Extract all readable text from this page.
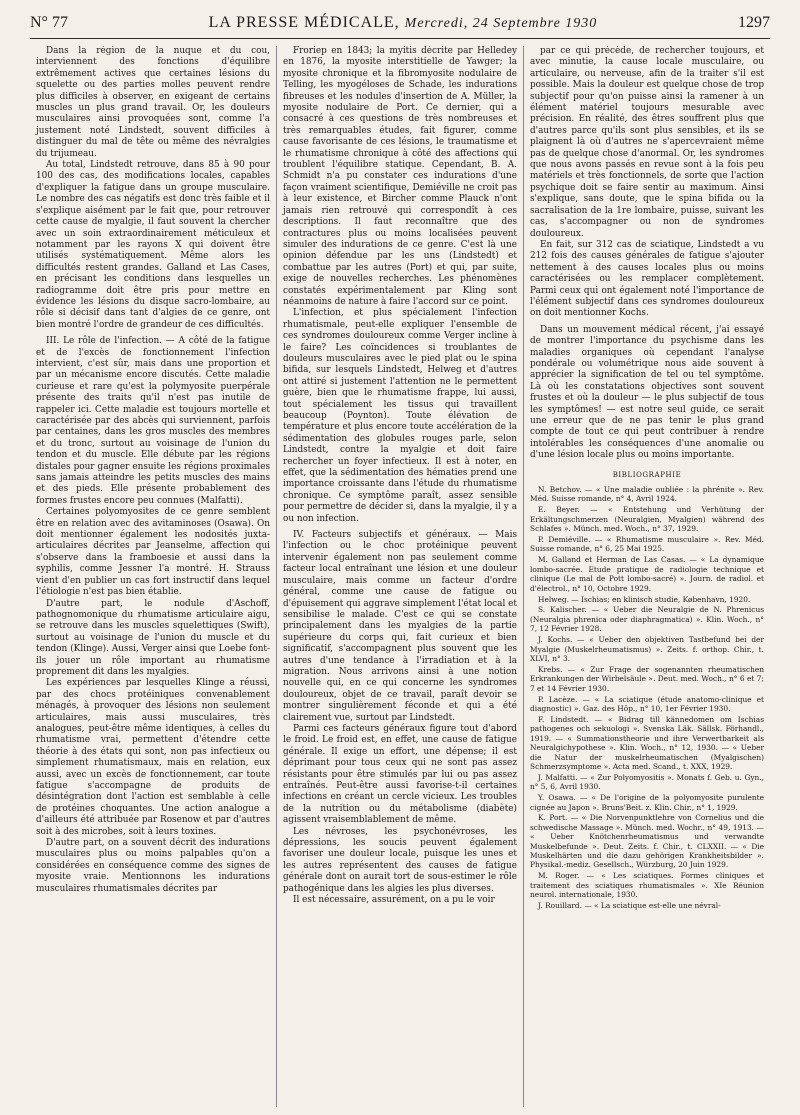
N° 77	LA PRESSE MÉDICALE, Mercredi, 24 Septembre 1930	1297

Dans la région de la nuque et du cou, interviennent des fonctions d'équilibre extrêmement actives que certaines lésions du squelette ou des parties molles peuvent rendre plus difficiles à observer, en exigeant de certains muscles un plus grand travail. Or, les douleurs musculaires ainsi provoquées sont, comme l'a justement noté Lindstedt, souvent difficiles à distinguer du mal de tête ou même des névralgies du trijumeau.

Au total, Lindstedt retrouve, dans 85 à 90 pour 100 des cas, des modifications locales, capables d'expliquer la fatigue dans un groupe musculaire. Le nombre des cas négatifs est donc très faible et il s'explique aisément par le fait que, pour retrouver cette cause de myalgie, il faut souvent la chercher avec un soin extraordinairement méticuleux et notamment par les rayons X qui doivent être utilisés systématiquement. Même alors les difficultés restent grandes. Galland et Las Cases, en précisant les conditions dans lesquelles un radiogramme doit être pris pour mettre en évidence les lésions du disque sacro-lombaire, au rôle si décisif dans tant d'algies de ce genre, ont bien montré l'ordre de grandeur de ces difficultés.

III. Le rôle de l'infection. — A côté de la fatigue et de l'excès de fonctionnement l'infection intervient, c'est sûr, mais dans une proportion et par un mécanisme encore discutés. Cette maladie curieuse et rare qu'est la polymyosite puerpérale présente des traits qu'il n'est pas inutile de rappeler ici. Cette maladie est toujours mortelle et caractérisée par des abcès qui surviennent, parfois par centaines, dans les gros muscles des membres et du tronc, surtout au voisinage de l'union du tendon et du muscle. Elle débute par les régions distales pour gagner ensuite les régions proximales sans jamais atteindre les petits muscles des mains et des pieds. Elle présente probablement des formes frustes encore peu connues (Malfatti).

Certaines polyomyosites de ce genre semblent être en relation avec des avitaminoses (Osawa). On doit mentionner également les nodosités juxta-articulaires décrites par Jeanselme, affection qui s'observe dans la framboesie et aussi dans la syphilis, comme Jessner l'a montré. H. Strauss vient d'en publier un cas fort instructif dans lequel l'étiologie n'est pas bien établie.

D'autre part, le nodule d'Aschoff, pathognomonique du rhumatisme articulaire aigu, se retrouve dans les muscles squelettiques (Swift), surtout au voisinage de l'union du muscle et du tendon (Klinge). Aussi, Verger ainsi que Loebe font-ils jouer un rôle important au rhumatisme proprement dit dans les myalgies.

Les expériences par lesquelles Klinge a réussi, par des chocs protéiniques convenablement ménagés, à provoquer des lésions non seulement articulaires, mais aussi musculaires, très analogues, peut-être même identiques, à celles du rhumatisme vrai, permettent d'étendre cette théorie à des états qui sont, non pas infectieux ou simplement rhumatismaux, mais en relation, eux aussi, avec un excès de fonctionnement, car toute fatigue s'accompagne de produits de désintégration dont l'action est semblable à celle de protéines choquantes. Une action analogue a d'ailleurs été attribuée par Rosenow et par d'autres soit à des microbes, soit à leurs toxines.

D'autre part, on a souvent décrit des indurations musculaires plus ou moins palpables qu'on a considérées en conséquence comme des signes de myosite vraie. Mentionnons les indurations musculaires rhumatismales décrites par

Froriep en 1843; la myitis décrite par Helledey en 1876, la myosite interstitielle de Yawger; la myosite chronique et la fibromyosite nodulaire de Telling, les myogéloses de Schade, les indurations fibreuses et les nodules d'insertion de A. Müller, la myosite nodulaire de Port. Ce dernier, qui a consacré à ces questions de très nombreuses et très remarquables études, fait figurer, comme cause favorisante de ces lésions, le traumatisme et le rhumatisme chronique à côté des affections qui troublent l'équilibre statique. Cependant, B. A. Schmidt n'a pu constater ces indurations d'une façon vraiment scientifique, Demiéville ne croit pas à leur existence, et Bircher comme Plauck n'ont jamais rien retrouvé qui correspondît à ces descriptions. Il faut reconnaître que des contractures plus ou moins localisées peuvent simuler des indurations de ce genre. C'est là une opinion défendue par les uns (Lindstedt) et combattue par les autres (Port) et qui, par suite, exige de nouvelles recherches. Les phénomènes constatés expérimentalement par Kling sont néanmoins de nature à faire l'accord sur ce point.

L'infection, et plus spécialement l'infection rhumatismale, peut-elle expliquer l'ensemble de ces syndromes douloureux comme Verger incline à le faire? Les coïncidences si troublantes de douleurs musculaires avec le pied plat ou le spina bifida, sur lesquels Lindstedt, Helweg et d'autres ont attiré si justement l'attention ne le permettent guère, bien que le rhumatisme frappe, lui aussi, tout spécialement les tissus qui travaillent beaucoup (Poynton). Toute élévation de température et plus encore toute accélération de la sédimentation des globules rouges parle, selon Lindstedt, contre la myalgie et doit faire rechercher un foyer infectieux. Il est à noter, en effet, que la sédimentation des hématies prend une importance croissante dans l'étude du rhumatisme chronique. Ce symptôme paraît, assez sensible pour permettre de décider si, dans la myalgie, il y a ou non infection.

IV. Facteurs subjectifs et généraux. — Mais l'infection ou le choc protéinique peuvent intervenir également non pas seulement comme facteur local entraînant une lésion et une douleur musculaire, mais comme un facteur d'ordre général, comme une cause de fatigue ou d'épuisement qui aggrave simplement l'état local et sensibilise le malade. C'est ce qui se constate principalement dans les myalgies de la partie supérieure du corps qui, fait curieux et bien significatif, s'accompagnent plus souvent que les autres d'une tendance à l'irradiation et à la migration. Nous arrivons ainsi à une notion nouvelle qui, en ce qui concerne les syndromes douloureux, objet de ce travail, paraît devoir se montrer singulièrement féconde et qui a été clairement vue, surtout par Lindstedt.

Parmi ces facteurs généraux figure tout d'abord le froid. Le froid est, en effet, une cause de fatigue générale. Il exige un effort, une dépense; il est déprimant pour tous ceux qui ne sont pas assez résistants pour être stimulés par lui ou pas assez entraînés. Peut-être aussi favorise-t-il certaines infections en créant un cercle vicieux. Les troubles de la nutrition ou du métabolisme (diabète) agissent vraisemblablement de même.

Les névroses, les psychonévroses, les dépressions, les soucis peuvent également favoriser une douleur locale, puisque les unes et les autres représentent des causes de fatigue générale dont on aurait tort de sous-estimer le rôle pathogénique dans les algies les plus diverses.

Il est nécessaire, assurément, on a pu le voir

par ce qui précède, de rechercher toujours, et avec minutie, la cause locale musculaire, ou articulaire, ou nerveuse, afin de la traiter s'il est possible. Mais la douleur est quelque chose de trop subjectif pour qu'on puisse ainsi la ramener à un élément matériel toujours mesurable avec précision. En réalité, des êtres souffrent plus que d'autres parce qu'ils sont plus sensibles, et ils se plaignent là où d'autres ne s'apercevraient même pas de quelque chose d'anormal. Or, les syndromes que nous avons passés en revue sont à la fois peu matériels et très fonctionnels, de sorte que l'action psychique doit se faire sentir au maximum. Ainsi s'explique, sans doute, que le spina bifida ou la sacralisation de la 1re lombaire, puisse, suivant les cas, s'accompagner ou non de syndromes douloureux.

En fait, sur 312 cas de sciatique, Lindstedt a vu 212 fois des causes générales de fatigue s'ajouter nettement à des causes locales plus ou moins caractérisées ou les remplacer complètement. Parmi ceux qui ont également noté l'importance de l'élément subjectif dans ces syndromes douloureux on doit mentionner Kochs.

Dans un mouvement médical récent, j'ai essayé de montrer l'importance du psychisme dans les maladies organiques où cependant l'analyse pondérale ou volumétrique nous aide souvent à apprécier la signification de tel ou tel symptôme. Là où les constatations objectives sont souvent frustes et où la douleur — le plus subjectif de tous les symptômes! — est notre seul guide, ce serait une erreur que de ne pas tenir le plus grand compte de tout ce qui peut contribuer à rendre intolérables les conséquences d'une anomalie ou d'une lésion locale plus ou moins importante.

BIBLIOGRAPHIE
N. Betchov. — « Une maladie oubliée : la phrénite ». Rev. Méd. Suisse romande, n° 4, Avril 1924.
E. Beyer. — « Entstehung und Verhütung der Erkältungschmerzen (Neuralgien, Myalgien) während des Schlafes ». Münch. med. Woch., n° 37, 1929.
P. Demiéville. — « Rhumatisme musculaire ». Rev. Méd. Suisse romande, n° 6, 25 Mai 1925.
M. Galland et Herman de Las Casas. — « La dynamique lombo-sacrée. Etude pratique de radiologie technique et clinique (Le mal de Pott lombo-sacré) ». Journ. de radiol. et d'électrol., n° 10, Octobre 1929.
Helweg. — Ischias; en klinisch studie, København, 1920.
S. Kalischer. — « Ueber die Neuralgie de N. Phrenicus (Neuralgia phrenica oder diaphragmatica) ». Klin. Woch., n° 7, 12 Février 1928.
J. Kochs. — « Ueber den objektiven Tastbefund bei der Myalgie (Muskelrheumatismus) ». Zeits. f. orthop. Chir., t. XLVI, n° 3.
Krebs. — « Zur Frage der sogenannten rheumatischen Erkrankungen der Wirbelsäule ». Deut. med. Woch., n° 6 et 7; 7 et 14 Février 1930.
P. Lacèze. — « La sciatique (étude anatomo-clinique et diagnostic) ». Gaz. des Hôp., n° 10, 1er Février 1930.
F. Lindstedt. — « Bidrag till kännedomen om Ischias pathogenes och sekuologi ». Svenska Läk. Sällsk. Förhandl., 1919. — « Summationstheorie und ihre Verwertbarkeit als Neuralgichypothese ». Klin. Woch., n° 12, 1930. — « Ueber die Natur der muskelrheumatischen (Myalgischen) Schmerzsymptome ». Acta med. Scand., t. XXX, 1929.
J. Malfatti. — « Zur Polyomyositis ». Monats f. Geb. u. Gyn., n° 5, 6, Avril 1930.
Y. Osawa. — « De l'origine de la polyomyosite purulente cignée au Japon ». Bruns'Beit. z. Klin. Chir., n° 1, 1929.
K. Port. — « Die Norvenpunktlehre von Cornelius und die schwedische Massage ». Münch. med. Wochr., n° 49, 1913. — « Ueber Knötchenrheumatismus und verwandte Muskelbefunde ». Deut. Zeits. f. Chir., t. CLXXII. — « Die Muskelhärten und die dazu gehörigen Krankheitsbilder ». Physikal.-mediz. Gesellsch., Würzburg, 20 Juin 1929.
M. Roger. — « Les sciatiques. Formes cliniques et traitement des sciatiques rhumatismales ». XIe Réunion neurol. internationale, 1930.
J. Rouillard. — « La sciatique est-elle une névral-
